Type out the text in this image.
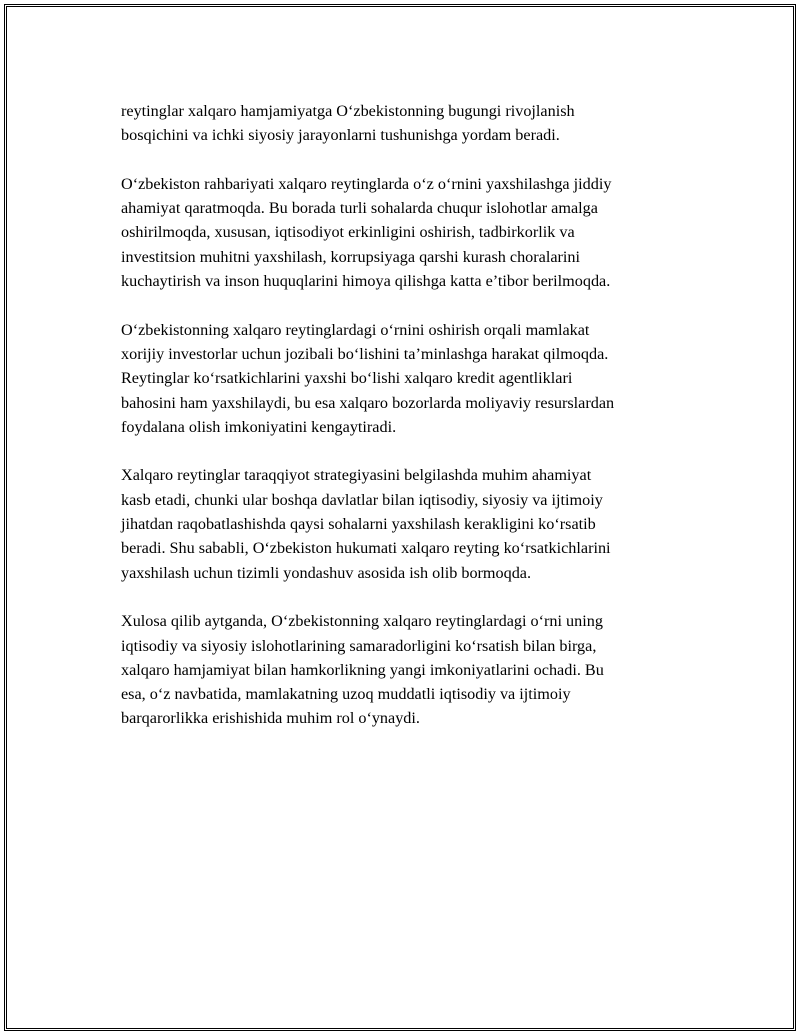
reytinglar xalqaro hamjamiyatga O‘zbekistonning bugungi rivojlanish
bosqichini va ichki siyosiy jarayonlarni tushunishga yordam beradi.

O‘zbekiston rahbariyati xalqaro reytinglarda o‘z o‘rnini yaxshilashga jiddiy
ahamiyat qaratmoqda. Bu borada turli sohalarda chuqur islohotlar amalga
oshirilmoqda, xususan, iqtisodiyot erkinligini oshirish, tadbirkorlik va
investitsion muhitni yaxshilash, korrupsiyaga qarshi kurash choralarini
kuchaytirish va inson huquqlarini himoya qilishga katta e’tibor berilmoqda.

O‘zbekistonning xalqaro reytinglardagi o‘rnini oshirish orqali mamlakat
xorijiy investorlar uchun jozibali bo‘lishini ta’minlashga harakat qilmoqda.
Reytinglar ko‘rsatkichlarini yaxshi bo‘lishi xalqaro kredit agentliklari
bahosini ham yaxshilaydi, bu esa xalqaro bozorlarda moliyaviy resurslardan
foydalana olish imkoniyatini kengaytiradi.

Xalqaro reytinglar taraqqiyot strategiyasini belgilashda muhim ahamiyat
kasb etadi, chunki ular boshqa davlatlar bilan iqtisodiy, siyosiy va ijtimoiy
jihatdan raqobatlashishda qaysi sohalarni yaxshilash kerakligini ko‘rsatib
beradi. Shu sababli, O‘zbekiston hukumati xalqaro reyting ko‘rsatkichlarini
yaxshilash uchun tizimli yondashuv asosida ish olib bormoqda.

Xulosa qilib aytganda, O‘zbekistonning xalqaro reytinglardagi o‘rni uning
iqtisodiy va siyosiy islohotlarining samaradorligini ko‘rsatish bilan birga,
xalqaro hamjamiyat bilan hamkorlikning yangi imkoniyatlarini ochadi. Bu
esa, o‘z navbatida, mamlakatning uzoq muddatli iqtisodiy va ijtimoiy
barqarorlikka erishishida muhim rol o‘ynaydi.
